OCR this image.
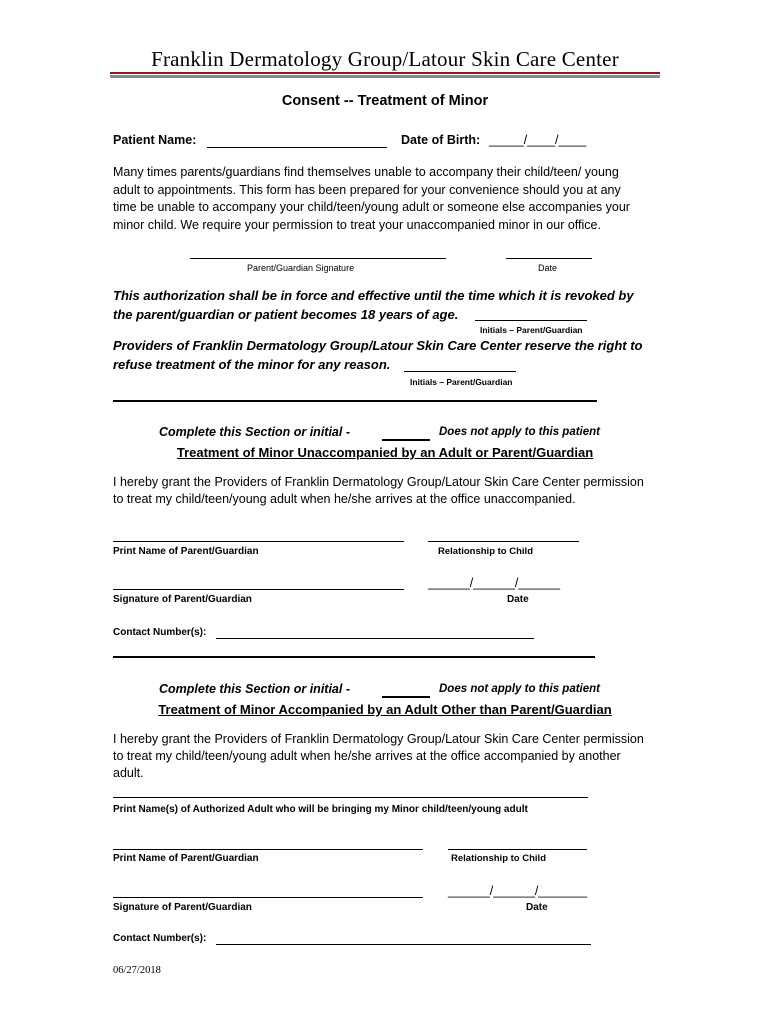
Franklin Dermatology Group/Latour Skin Care Center
Consent -- Treatment of Minor
Patient Name:	Date of Birth: _____/____/____
Many times parents/guardians find themselves unable to accompany their child/teen/ young
adult to appointments. This form has been prepared for your convenience should you at any
time be unable to accompany your child/teen/young adult or someone else accompanies your
minor child. We require your permission to treat your unaccompanied minor in our office.
Parent/Guardian Signature	Date
This authorization shall be in force and effective until the time which it is revoked by
the parent/guardian or patient becomes 18 years of age.
Initials – Parent/Guardian
Providers of Franklin Dermatology Group/Latour Skin Care Center reserve the right to
refuse treatment of the minor for any reason.
Initials – Parent/Guardian
Complete this Section or initial -	Does not apply to this patient
Treatment of Minor Unaccompanied by an Adult or Parent/Guardian
I hereby grant the Providers of Franklin Dermatology Group/Latour Skin Care Center permission
to treat my child/teen/young adult when he/she arrives at the office unaccompanied.
Print Name of Parent/Guardian	Relationship to Child
______/______/______
Signature of Parent/Guardian	Date
Contact Number(s):
Complete this Section or initial -	Does not apply to this patient
Treatment of Minor Accompanied by an Adult Other than Parent/Guardian
I hereby grant the Providers of Franklin Dermatology Group/Latour Skin Care Center permission
to treat my child/teen/young adult when he/she arrives at the office accompanied by another
adult.
Print Name(s) of Authorized Adult who will be bringing my Minor child/teen/young adult
Print Name of Parent/Guardian	Relationship to Child
______/______/_______
Signature of Parent/Guardian	Date
Contact Number(s):
06/27/2018
